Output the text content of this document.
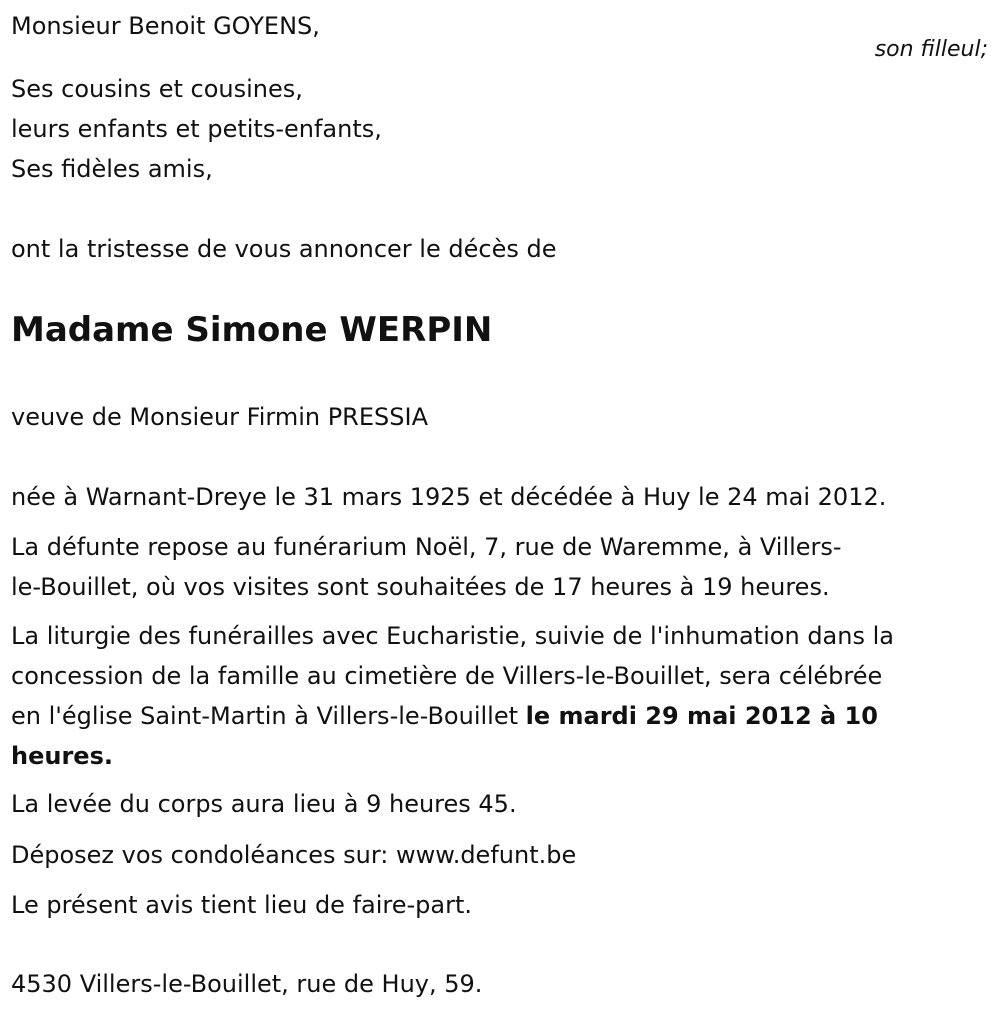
Monsieur Benoit GOYENS,
son filleul;
Ses cousins et cousines,
leurs enfants et petits-enfants,
Ses fidèles amis,
ont la tristesse de vous annoncer le décès de
Madame Simone WERPIN
veuve de Monsieur Firmin PRESSIA
née à Warnant-Dreye le 31 mars 1925 et décédée à Huy le 24 mai 2012.
La défunte repose au funérarium Noël, 7, rue de Waremme, à Villers-
le-Bouillet, où vos visites sont souhaitées de 17 heures à 19 heures.
La liturgie des funérailles avec Eucharistie, suivie de l'inhumation dans la
concession de la famille au cimetière de Villers-le-Bouillet, sera célébrée
en l'église Saint-Martin à Villers-le-Bouillet le mardi 29 mai 2012 à 10
heures.
La levée du corps aura lieu à 9 heures 45.
Déposez vos condoléances sur: www.defunt.be
Le présent avis tient lieu de faire-part.
4530 Villers-le-Bouillet, rue de Huy, 59.
